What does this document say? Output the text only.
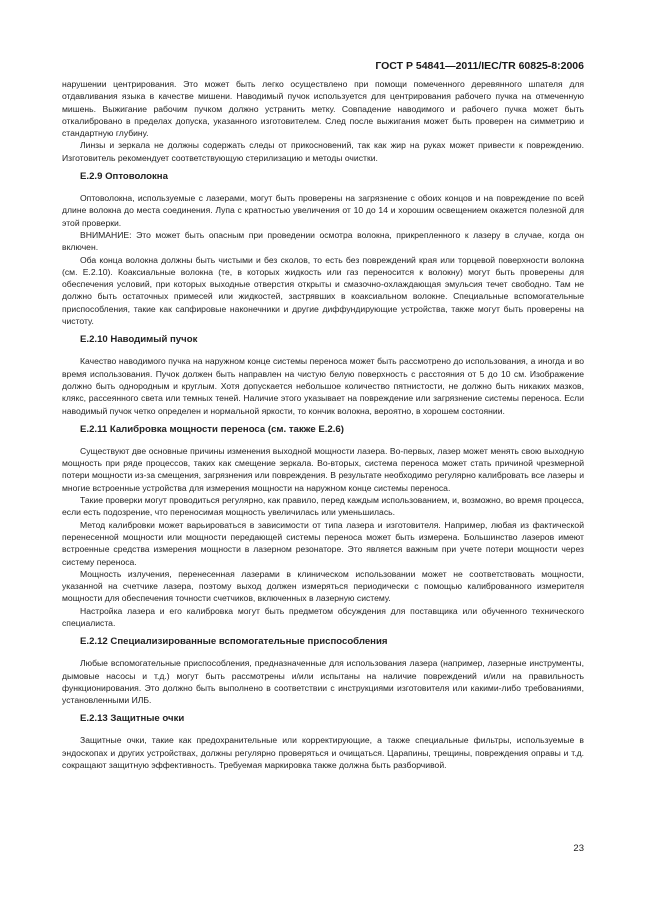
ГОСТ Р 54841—2011/IEC/TR 60825-8:2006

нарушении центрирования. Это может быть легко осуществлено при помощи помеченного деревянного шпателя для отдавливания языка в качестве мишени. Наводимый пучок используется для центрирования рабочего пучка на отмеченную мишень. Выжигание рабочим пучком должно устранить метку. Совпадение наводимого и рабочего пучка может быть откалибровано в пределах допуска, указанного изготовителем. След после выжигания может быть проверен на симметрию и стандартную глубину.

Линзы и зеркала не должны содержать следы от прикосновений, так как жир на руках может привести к повреждению. Изготовитель рекомендует соответствующую стерилизацию и методы очистки.

Е.2.9 Оптоволокна

Оптоволокна, используемые с лазерами, могут быть проверены на загрязнение с обоих концов и на повреждение по всей длине волокна до места соединения. Лупа с кратностью увеличения от 10 до 14 и хорошим освещением окажется полезной для этой проверки.

ВНИМАНИЕ: Это может быть опасным при проведении осмотра волокна, прикрепленного к лазеру в случае, когда он включен.

Оба конца волокна должны быть чистыми и без сколов, то есть без повреждений края или торцевой поверхности волокна (см. Е.2.10). Коаксиальные волокна (те, в которых жидкость или газ переносится к волокну) могут быть проверены для обеспечения условий, при которых выходные отверстия открыты и смазочно-охлаждающая эмульсия течет свободно. Там не должно быть остаточных примесей или жидкостей, застрявших в коаксиальном волокне. Специальные вспомогательные приспособления, такие как сапфировые наконечники и другие диффундирующие устройства, также могут быть проверены на чистоту.

Е.2.10 Наводимый пучок

Качество наводимого пучка на наружном конце системы переноса может быть рассмотрено до использования, а иногда и во время использования. Пучок должен быть направлен на чистую белую поверхность с расстояния от 5 до 10 см. Изображение должно быть однородным и круглым. Хотя допускается небольшое количество пятнистости, не должно быть никаких мазков, клякс, рассеянного света или темных теней. Наличие этого указывает на повреждение или загрязнение системы переноса. Если наводимый пучок четко определен и нормальной яркости, то кончик волокна, вероятно, в хорошем состоянии.

Е.2.11 Калибровка мощности переноса (см. также Е.2.6)

Существуют две основные причины изменения выходной мощности лазера. Во-первых, лазер может менять свою выходную мощность при ряде процессов, таких как смещение зеркала. Во-вторых, система переноса может стать причиной чрезмерной потери мощности из-за смещения, загрязнения или повреждения. В результате необходимо регулярно калибровать все лазеры и многие встроенные устройства для измерения мощности на наружном конце системы переноса.

Такие проверки могут проводиться регулярно, как правило, перед каждым использованием, и, возможно, во время процесса, если есть подозрение, что переносимая мощность увеличилась или уменьшилась.

Метод калибровки может варьироваться в зависимости от типа лазера и изготовителя. Например, любая из фактической перенесенной мощности или мощности передающей системы переноса может быть измерена. Большинство лазеров имеют встроенные средства измерения мощности в лазерном резонаторе. Это является важным при учете потери мощности через систему переноса.

Мощность излучения, перенесенная лазерами в клиническом использовании может не соответствовать мощности, указанной на счетчике лазера, поэтому выход должен измеряться периодически с помощью калиброванного измерителя мощности для обеспечения точности счетчиков, включенных в лазерную систему.

Настройка лазера и его калибровка могут быть предметом обсуждения для поставщика или обученного технического специалиста.

Е.2.12 Специализированные вспомогательные приспособления

Любые вспомогательные приспособления, предназначенные для использования лазера (например, лазерные инструменты, дымовые насосы и т.д.) могут быть рассмотрены и/или испытаны на наличие повреждений и/или на правильность функционирования. Это должно быть выполнено в соответствии с инструкциями изготовителя или какими-либо требованиями, установленными ИЛБ.

Е.2.13 Защитные очки

Защитные очки, такие как предохранительные или корректирующие, а также специальные фильтры, используемые в эндоскопах и других устройствах, должны регулярно проверяться и очищаться. Царапины, трещины, повреждения оправы и т.д. сокращают защитную эффективность. Требуемая маркировка также должна быть разборчивой.

23
